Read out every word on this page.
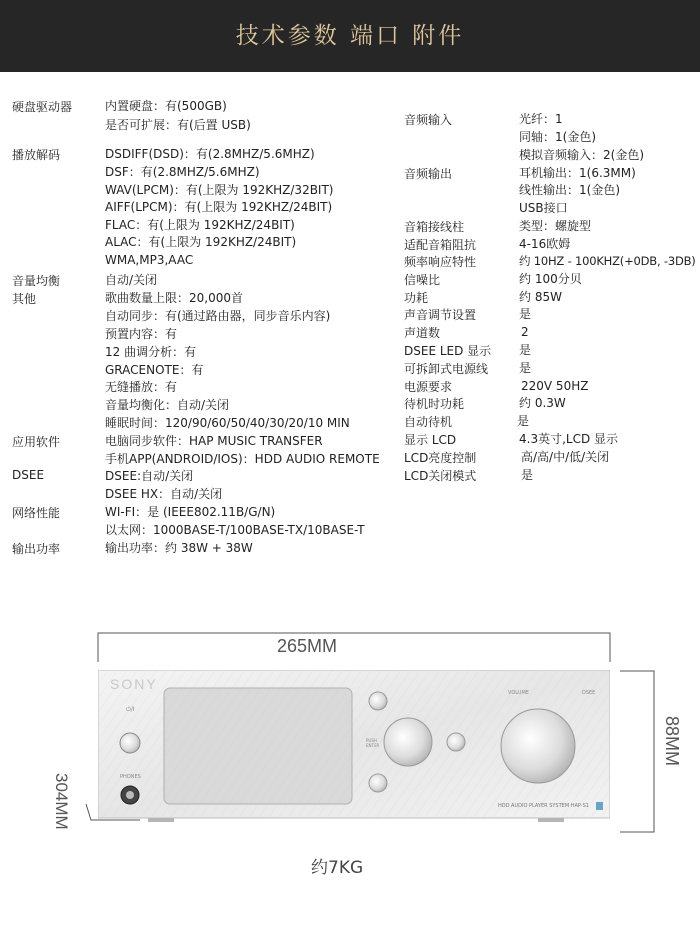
技术参数 端口 附件
硬盘驱动器	内置硬盘：有(500GB)
是否可扩展：有(后置 USB)
播放解码	DSDIFF(DSD)：有(2.8MHZ/5.6MHZ)
DSF：有(2.8MHZ/5.6MHZ)
WAV(LPCM)：有(上限为 192KHZ/32BIT)
AIFF(LPCM)：有(上限为 192KHZ/24BIT)
FLAC：有(上限为 192KHZ/24BIT)
ALAC：有(上限为 192KHZ/24BIT)
WMA,MP3,AAC
音量均衡	自动/关闭
其他	歌曲数量上限：20,000首
自动同步：有(通过路由器，同步音乐内容)
预置内容：有
12 曲调分析：有
GRACENOTE：有
无缝播放：有
音量均衡化：自动/关闭
睡眠时间：120/90/60/50/40/30/20/10 MIN
应用软件	电脑同步软件：HAP MUSIC TRANSFER
手机APP(ANDROID/IOS)：HDD AUDIO REMOTE
DSEE	DSEE:自动/关闭
DSEE HX：自动/关闭
网络性能	WI-FI：是 (IEEE802.11B/G/N)
以太网：1000BASE-T/100BASE-TX/10BASE-T
输出功率	输出功率：约 38W + 38W
音频输入	光纤：1
同轴：1(金色)
模拟音频输入：2(金色)
音频输出	耳机输出：1(6.3MM)
线性输出：1(金色)
USB接口
音箱接线柱	类型：螺旋型
适配音箱阻抗	4-16欧姆
频率响应特性	约 10HZ - 100KHZ(+0DB, -3DB)
信噪比	约 100分贝
功耗	约 85W
声音调节设置	是
声道数	2
DSEE LED 显示 是
可拆卸式电源线	是
电源要求	220V 50HZ
待机时功耗	约 0.3W
自动待机	是
显示 LCD	4.3英寸,LCD 显示
LCD亮度控制	高/高/中/低/关闭
LCD关闭模式	是
265MM
88MM
304MM
SONY
⏻/I
PHONES
PUSH ENTER
VOLUME	DSEE
HDD AUDIO PLAYER SYSTEM HAP-S1
约7KG
